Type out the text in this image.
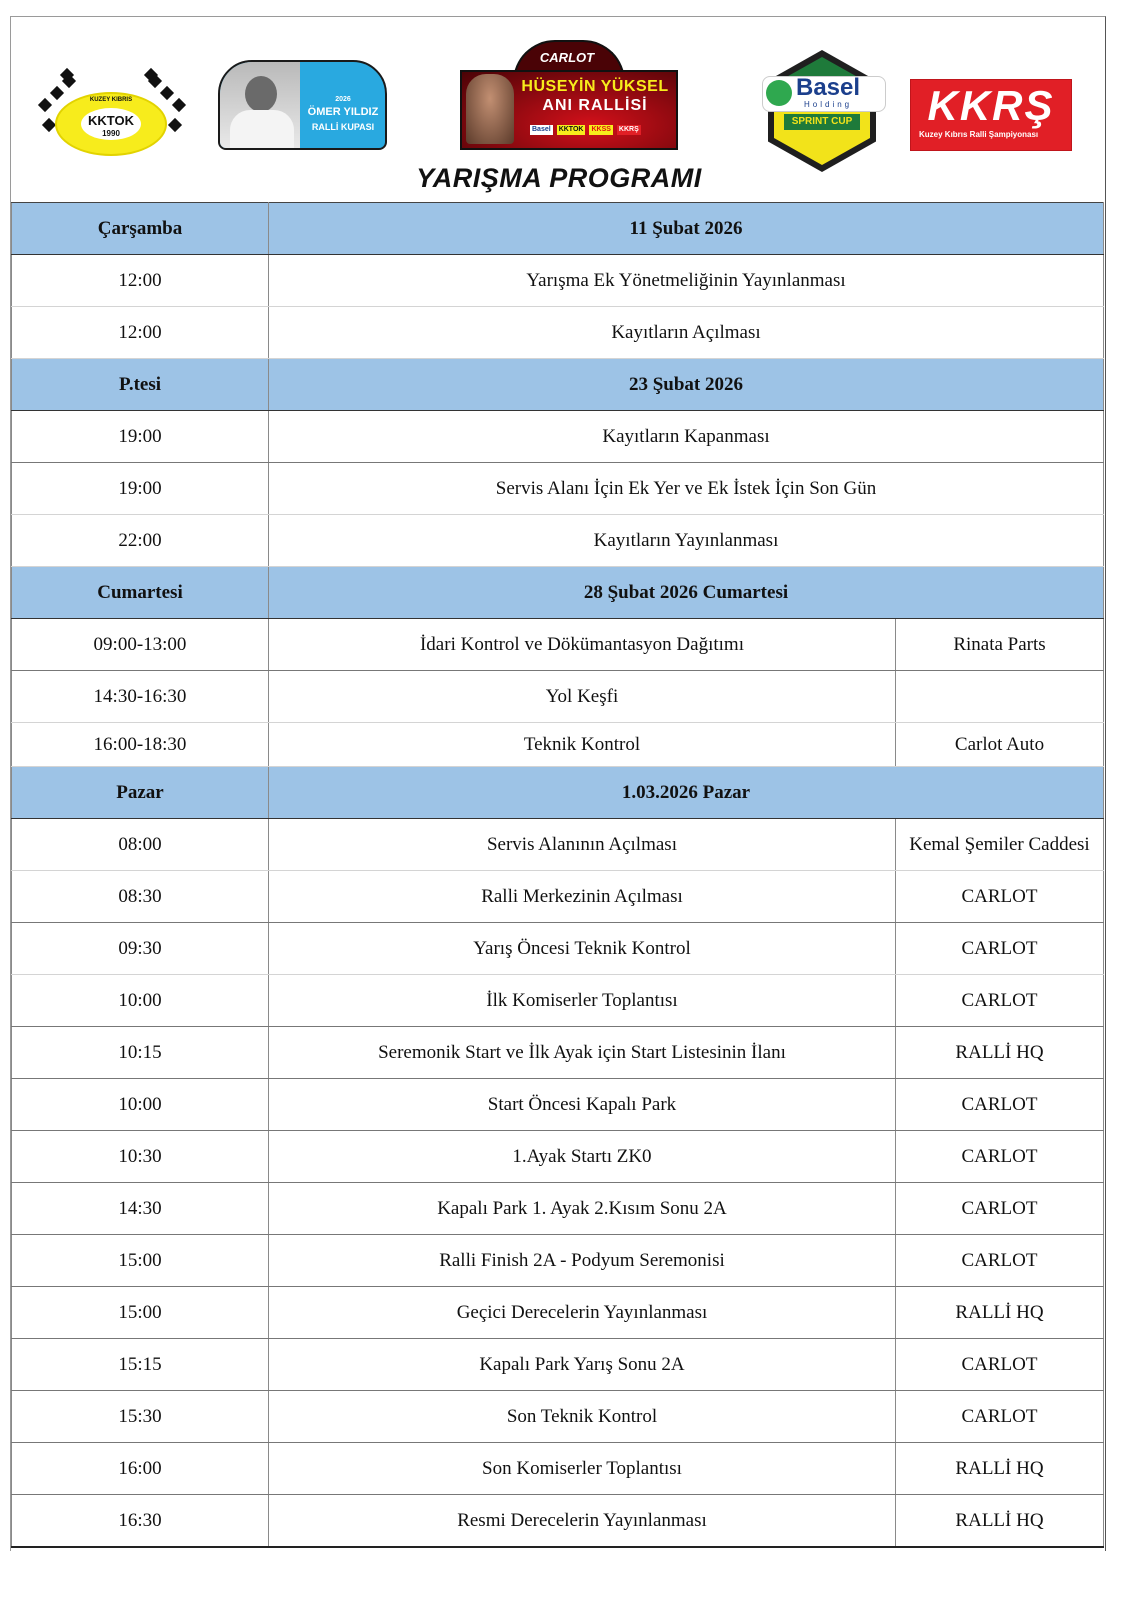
KUZEY KIBRIS
KKTOK
1990
2026
ÖMER YILDIZ
RALLİ KUPASI
CARLOT
HÜSEYİN YÜKSEL
ANI RALLİSİ
Basel KKTOK KKSS KKRŞ
Basel
Holding
SPRINT CUP	KKRŞ
Kuzey Kıbrıs Ralli Şampiyonası
YARIŞMA PROGRAMI
Çarşamba	11 Şubat 2026	
12:00	Yarışma Ek Yönetmeliğinin Yayınlanması	
12:00	Kayıtların Açılması	
P.tesi	23 Şubat 2026	
19:00	Kayıtların Kapanması	
19:00	Servis Alanı İçin Ek Yer ve Ek İstek İçin Son Gün	
22:00	Kayıtların Yayınlanması	
Cumartesi	28 Şubat 2026 Cumartesi	
09:00-13:00	İdari Kontrol ve Dökümantasyon Dağıtımı	Rinata Parts
14:30-16:30	Yol Keşfi	
16:00-18:30	Teknik Kontrol	Carlot Auto
Pazar	1.03.2026 Pazar	
08:00	Servis Alanının Açılması	Kemal Şemiler Caddesi
08:30	Ralli Merkezinin Açılması	CARLOT
09:30	Yarış Öncesi Teknik Kontrol	CARLOT
10:00	İlk Komiserler Toplantısı	CARLOT
10:15	Seremonik Start ve İlk Ayak için Start Listesinin İlanı	RALLİ HQ
10:00	Start Öncesi Kapalı Park	CARLOT
10:30	1.Ayak Startı ZK0	CARLOT
14:30	Kapalı Park 1. Ayak 2.Kısım Sonu 2A	CARLOT
15:00	Ralli Finish 2A - Podyum Seremonisi	CARLOT
15:00	Geçici Derecelerin Yayınlanması	RALLİ HQ
15:15	Kapalı Park Yarış Sonu 2A	CARLOT
15:30	Son Teknik Kontrol	CARLOT
16:00	Son Komiserler Toplantısı	RALLİ HQ
16:30	Resmi Derecelerin Yayınlanması	RALLİ HQ
